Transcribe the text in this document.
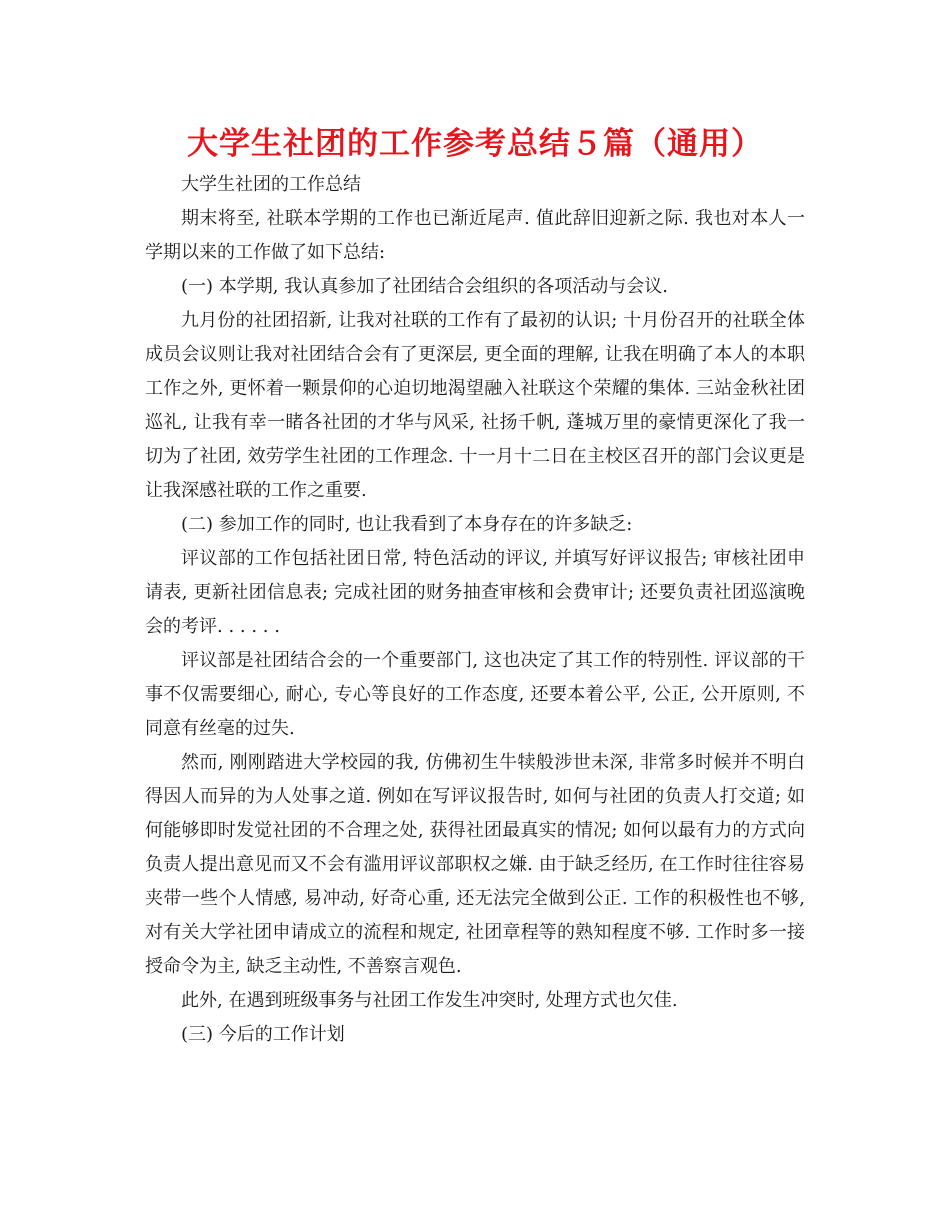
大学生社团的工作参考总结５篇（通用）

大学生社团的工作总结

期末将至, 社联本学期的工作也已渐近尾声. 值此辞旧迎新之际. 我也对本人一学期以来的工作做了如下总结:

(一) 本学期, 我认真参加了社团结合会组织的各项活动与会议.

九月份的社团招新, 让我对社联的工作有了最初的认识; 十月份召开的社联全体成员会议则让我对社团结合会有了更深层, 更全面的理解, 让我在明确了本人的本职工作之外, 更怀着一颗景仰的心迫切地渴望融入社联这个荣耀的集体. 三站金秋社团巡礼, 让我有幸一睹各社团的才华与风采, 社扬千帆, 蓬城万里的豪情更深化了我一切为了社团, 效劳学生社团的工作理念. 十一月十二日在主校区召开的部门会议更是让我深感社联的工作之重要.

(二) 参加工作的同时, 也让我看到了本身存在的许多缺乏:

评议部的工作包括社团日常, 特色活动的评议, 并填写好评议报告; 审核社团申请表, 更新社团信息表; 完成社团的财务抽查审核和会费审计; 还要负责社团巡演晚会的考评. . . . . .

评议部是社团结合会的一个重要部门, 这也决定了其工作的特别性. 评议部的干事不仅需要细心, 耐心, 专心等良好的工作态度, 还要本着公平, 公正, 公开原则, 不同意有丝毫的过失.

然而, 刚刚踏进大学校园的我, 仿佛初生牛犊般涉世未深, 非常多时候并不明白得因人而异的为人处事之道. 例如在写评议报告时, 如何与社团的负责人打交道; 如何能够即时发觉社团的不合理之处, 获得社团最真实的情况; 如何以最有力的方式向负责人提出意见而又不会有滥用评议部职权之嫌. 由于缺乏经历, 在工作时往往容易夹带一些个人情感, 易冲动, 好奇心重, 还无法完全做到公正. 工作的积极性也不够, 对有关大学社团申请成立的流程和规定, 社团章程等的熟知程度不够. 工作时多一接授命令为主, 缺乏主动性, 不善察言观色.

此外, 在遇到班级事务与社团工作发生冲突时, 处理方式也欠佳.

(三) 今后的工作计划
